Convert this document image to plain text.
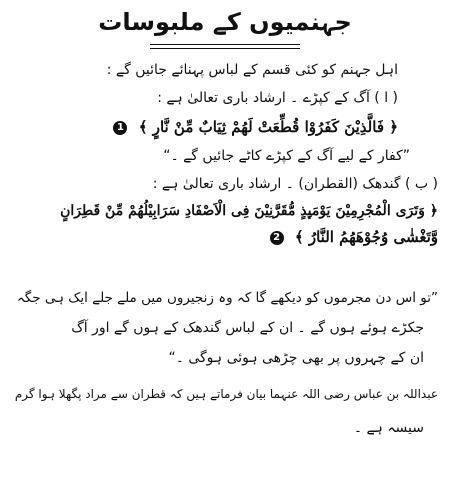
جہنمیوں کے ملبوسات
اہل جہنم کو کئی قسم کے لباس پہنائے جائیں گے :
( ا ) آگ کے کپڑے ۔ ارشاد باری تعالیٰ ہے :
﴿ فَالَّذِیْنَ كَفَرُوْا قُطِّعَتْ لَهُمْ ثِیَابٌ مِّنْ نَّارٍ ﴾ 1
”کفار کے لیے آگ کے کپڑے کاٹے جائیں گے ۔“
( ب ) گندھک (القطران) ۔ ارشاد باری تعالیٰ ہے :
﴿ وَتَرَى الْمُجْرِمِیْنَ یَوْمَىِٕذٍ مُّقَرَّنِیْنَ فِی الْاَصْفَادِ سَرَابِیْلُهُمْ مِّنْ قَطِرَانٍ
وَّتَغْشٰى وُجُوْهَهُمُ النَّارُ ﴾ 2
”تو اس دن مجرموں کو دیکھے گا کہ وہ زنجیروں میں ملے جلے ایک ہی جگہ
جکڑے ہوئے ہوں گے ۔ ان کے لباس گندھک کے ہوں گے اور آگ
ان کے چہروں پر بھی چڑھی ہوئی ہوگی ۔“
عبداللہ بن عباس رضی اللہ عنہما بیان فرماتے ہیں کہ قطران سے مراد پگھلا ہوا گرم
سیسہ ہے ۔
